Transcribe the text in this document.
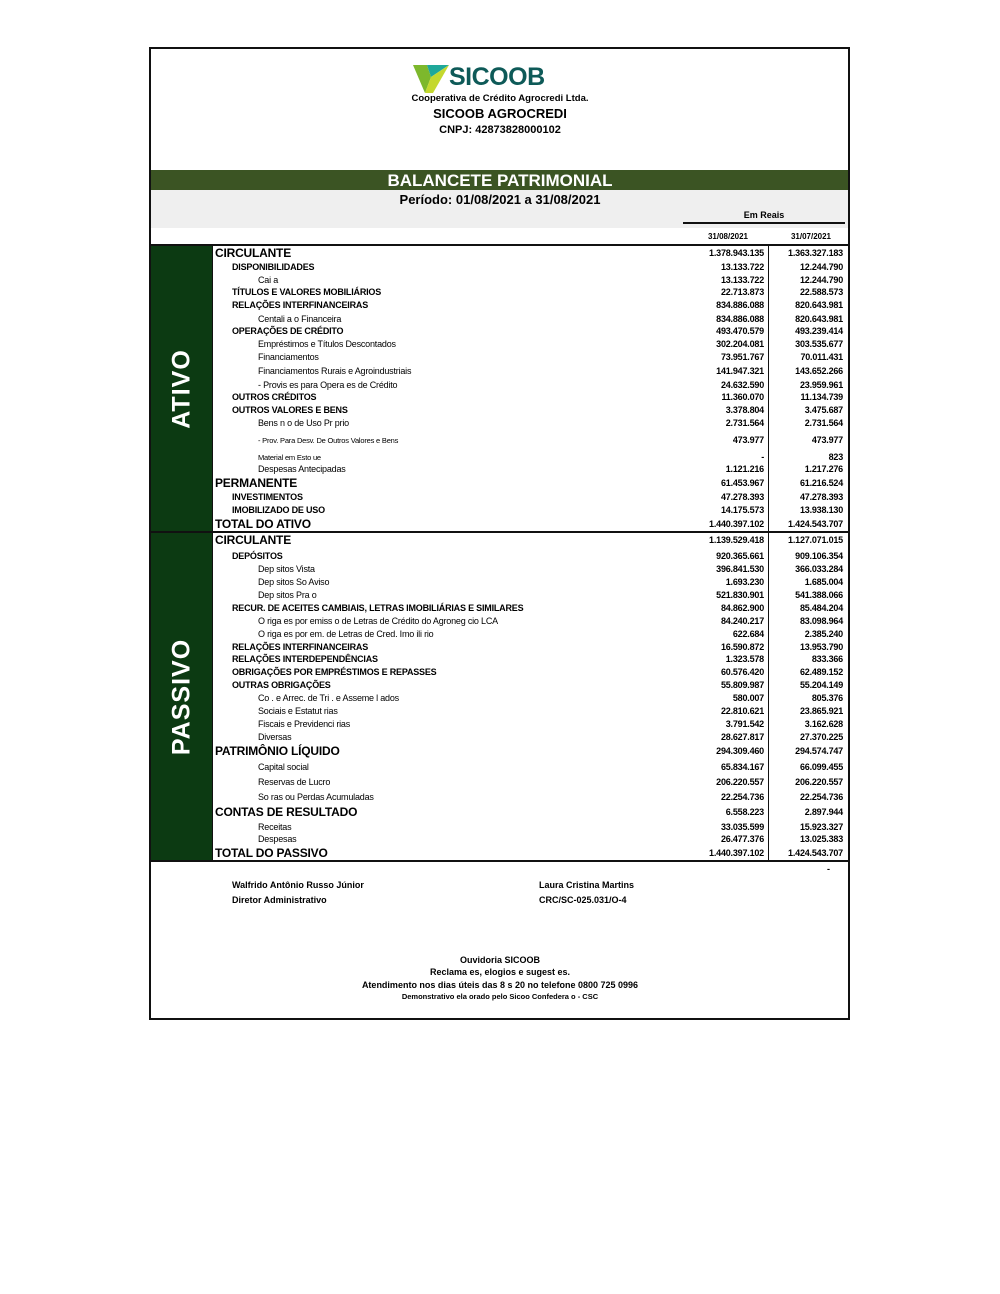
SICOOB
Cooperativa de Crédito Agrocredi Ltda.
SICOOB AGROCREDI
CNPJ: 42873828000102
BALANCETE PATRIMONIAL
Período: 01/08/2021 a 31/08/2021
Em Reais
31/08/2021	31/07/2021
ATIVO
PASSIVO
CIRCULANTE	1.378.943.135	1.363.327.183
DISPONIBILIDADES	13.133.722	12.244.790
Cai a	13.133.722	12.244.790
TÍTULOS E VALORES MOBILIÁRIOS	22.713.873	22.588.573
RELAÇÕES INTERFINANCEIRAS	834.886.088	820.643.981
Centali a o Financeira	834.886.088	820.643.981
OPERAÇÕES DE CRÉDITO	493.470.579	493.239.414
Empréstimos e Títulos Descontados	302.204.081	303.535.677
Financiamentos	73.951.767	70.011.431
Financiamentos Rurais e Agroindustriais	141.947.321	143.652.266
- Provis es para Opera es de Crédito	24.632.590	23.959.961
OUTROS CRÉDITOS	11.360.070	11.134.739
OUTROS VALORES E BENS	3.378.804	3.475.687
Bens n o de Uso Pr prio	2.731.564	2.731.564
- Prov. Para Desv. De Outros Valores e Bens	473.977	473.977
Material em Esto ue	-	823
Despesas Antecipadas	1.121.216	1.217.276
PERMANENTE	61.453.967	61.216.524
INVESTIMENTOS	47.278.393	47.278.393
IMOBILIZADO DE USO	14.175.573	13.938.130
TOTAL DO ATIVO	1.440.397.102	1.424.543.707
CIRCULANTE	1.139.529.418	1.127.071.015
DEPÓSITOS	920.365.661	909.106.354
Dep sitos Vista	396.841.530	366.033.284
Dep sitos So Aviso	1.693.230	1.685.004
Dep sitos Pra o	521.830.901	541.388.066
RECUR. DE ACEITES CAMBIAIS, LETRAS IMOBILIÁRIAS E SIMILARES	84.862.900	85.484.204
O riga es por emiss o de Letras de Crédito do Agroneg cio LCA	84.240.217	83.098.964
O riga es por em. de Letras de Cred. Imo ili rio	622.684	2.385.240
RELAÇÕES INTERFINANCEIRAS	16.590.872	13.953.790
RELAÇÕES INTERDEPENDÊNCIAS	1.323.578	833.366
OBRIGAÇÕES POR EMPRÉSTIMOS E REPASSES	60.576.420	62.489.152
OUTRAS OBRIGAÇÕES	55.809.987	55.204.149
Co . e Arrec. de Tri . e Asseme l ados	580.007	805.376
Sociais e Estatut rias	22.810.621	23.865.921
Fiscais e Previdenci rias	3.791.542	3.162.628
Diversas	28.627.817	27.370.225
PATRIMÔNIO LÍQUIDO	294.309.460	294.574.747
Capital social	65.834.167	66.099.455
Reservas de Lucro	206.220.557	206.220.557
So ras ou Perdas Acumuladas	22.254.736	22.254.736
CONTAS DE RESULTADO	6.558.223	2.897.944
Receitas	33.035.599	15.923.327
Despesas	26.477.376	13.025.383
TOTAL DO PASSIVO	1.440.397.102	1.424.543.707
-
Walfrido Antônio Russo Júnior
Diretor Administrativo
Laura Cristina Martins
CRC/SC-025.031/O-4
Ouvidoria SICOOB
Reclama es, elogios e sugest es.
Atendimento nos dias úteis das 8 s 20 no telefone 0800 725 0996
Demonstrativo ela orado pelo Sicoo Confedera o - CSC
